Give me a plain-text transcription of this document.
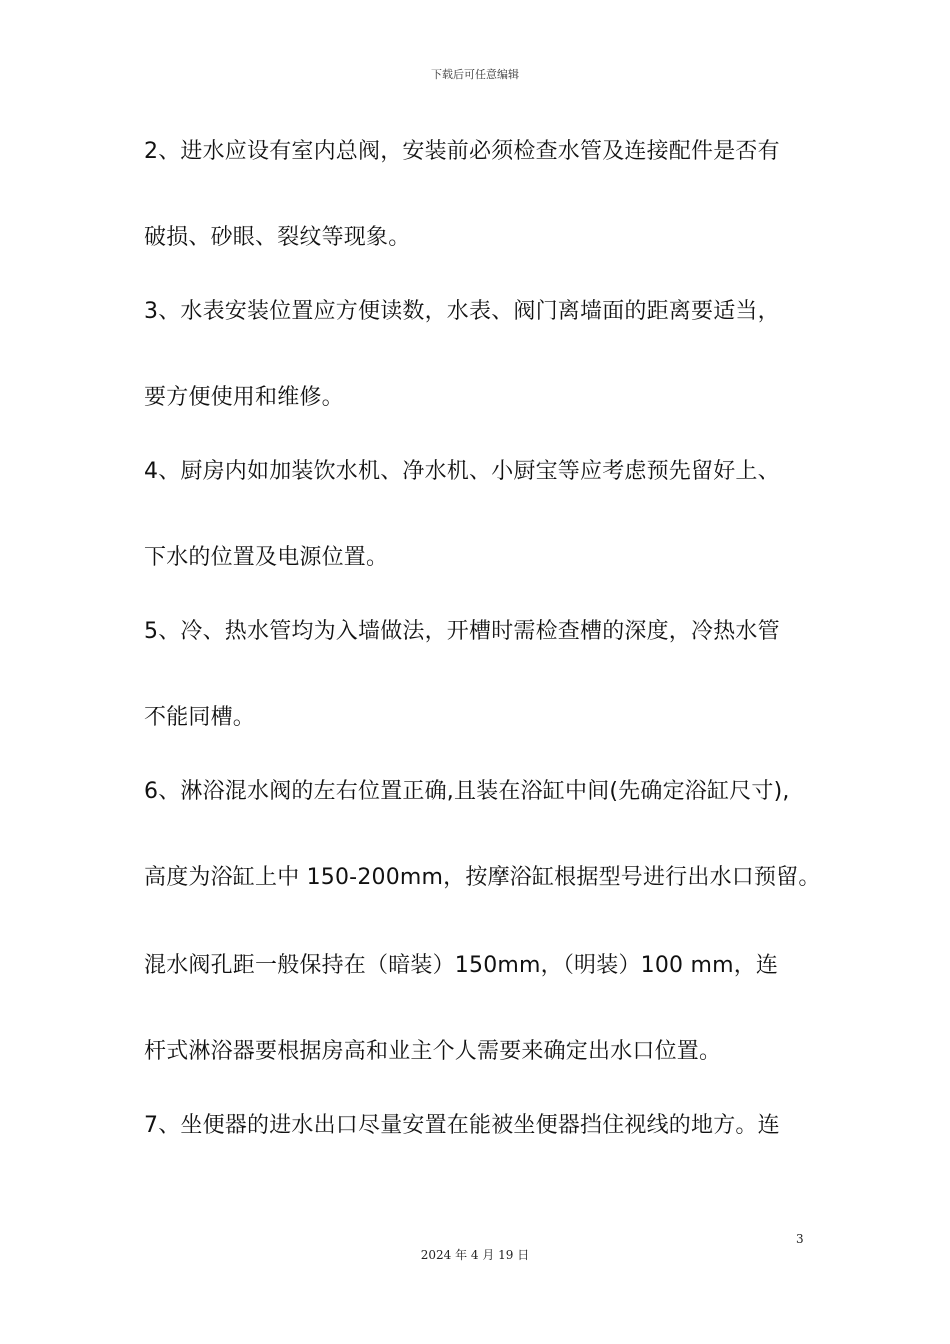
下载后可任意编辑
2、进水应设有室内总阀，安装前必须检查水管及连接配件是否有
破损、砂眼、裂纹等现象。
3、水表安装位置应方便读数，水表、阀门离墙面的距离要适当，
要方便使用和维修。
4、厨房内如加装饮水机、净水机、小厨宝等应考虑预先留好上、
下水的位置及电源位置。
5、冷、热水管均为入墙做法，开槽时需检查槽的深度，冷热水管
不能同槽。
6、淋浴混水阀的左右位置正确,且装在浴缸中间(先确定浴缸尺寸),
高度为浴缸上中 150-200mm，按摩浴缸根据型号进行出水口预留。
混水阀孔距一般保持在（暗装）150mm，（明装）100 mm，连
杆式淋浴器要根据房高和业主个人需要来确定出水口位置。
7、坐便器的进水出口尽量安置在能被坐便器挡住视线的地方。连
3
2024 年 4 月 19 日
